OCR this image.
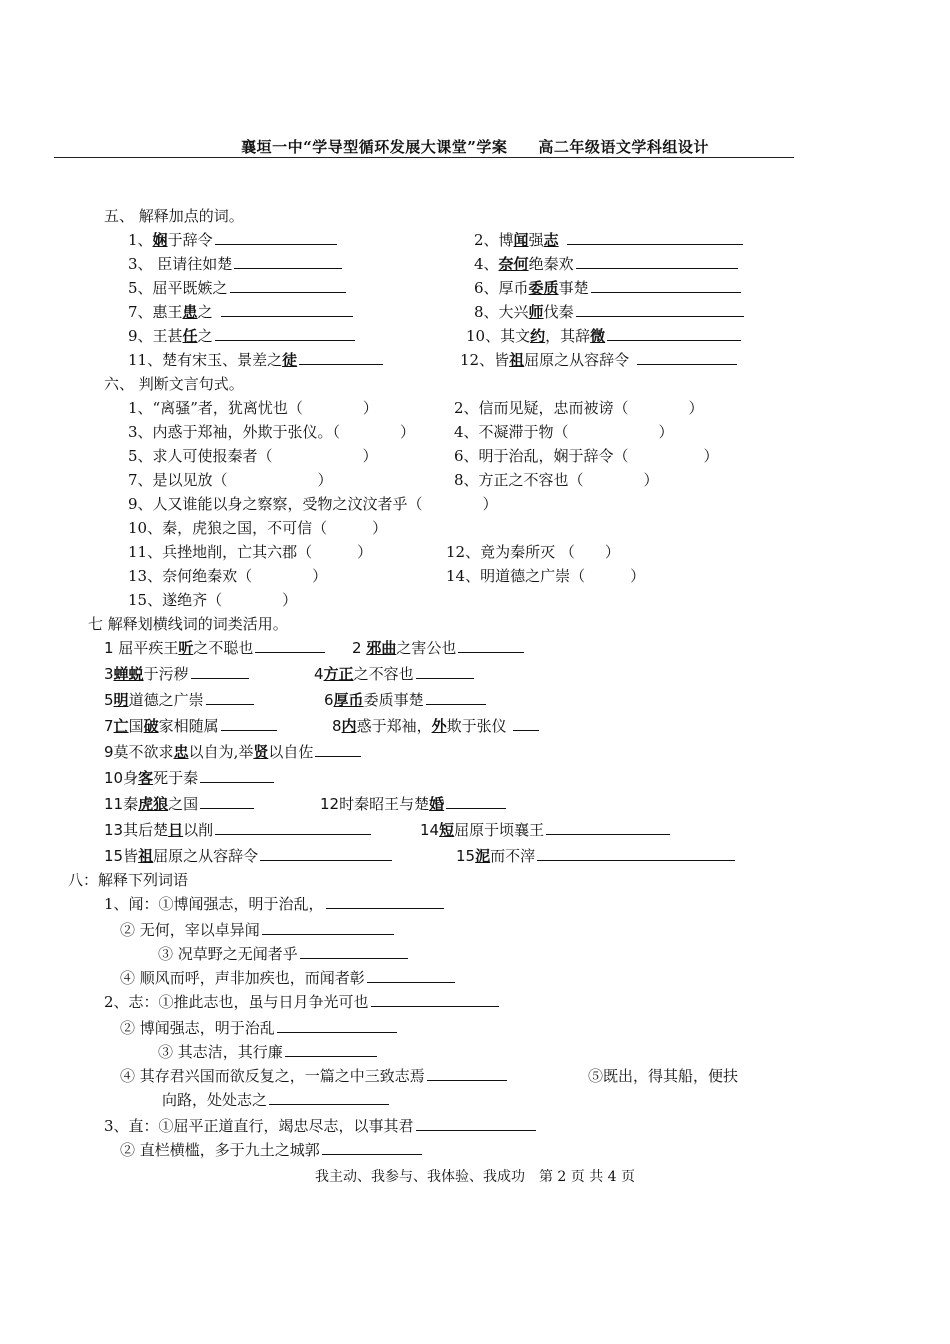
襄垣一中“学导型循环发展大课堂”学案　　高二年级语文学科组设计
五、 解释加点的词。
1、娴于辞令	2、博闻强志
3、 臣请往如楚	4、奈何绝秦欢
5、屈平既嫉之	6、厚币委质事楚
7、惠王患之	8、大兴师伐秦
9、王甚任之	10、其文约，其辞微
11、楚有宋玉、景差之徒	12、皆祖屈原之从容辞令
六、 判断文言句式。
1、“离骚”者，犹离忧也（　　　　）	2、信而见疑，忠而被谤（　　　　）
3、内惑于郑袖，外欺于张仪。（　　　　）	4、不凝滞于物（　　　　　　）
5、求人可使报秦者（　　　　　　）	6、明于治乱，娴于辞令（　　　　　）
7、是以见放（　　　　　　）	8、方正之不容也（　　　　）
9、人又谁能以身之察察，受物之汶汶者乎（　　　　）
10、秦，虎狼之国，不可信（　　　）
11、兵挫地削，亡其六郡（　　　）	12、竟为秦所灭 （　　）
13、奈何绝秦欢（　　　　）	14、明道德之广崇（　　　）
15、遂绝齐（　　　　）
七 解释划横线词的词类活用。
1 屈平疾王听之不聪也	2 邪曲之害公也
3蝉蜕于污秽	4方正之不容也
5明道德之广崇	6厚币委质事楚
7亡国破家相随属	8内惑于郑袖，外欺于张仪
9莫不欲求忠以自为,举贤以自佐
10身客死于秦
11秦虎狼之国	12时秦昭王与楚婚
13其后楚日以削	14短屈原于顷襄王
15皆祖屈原之从容辞令	15泥而不滓
八：解释下列词语
1、闻：①博闻强志，明于治乱，
② 无何，宰以卓异闻
③ 况草野之无闻者乎
④ 顺风而呼，声非加疾也，而闻者彰
2、志：①推此志也，虽与日月争光可也
② 博闻强志，明于治乱
③ 其志洁，其行廉
④ 其存君兴国而欲反复之，一篇之中三致志焉	⑤既出，得其船，便扶
向路，处处志之
3、直：①屈平正道直行，竭忠尽志，以事其君
② 直栏横槛，多于九土之城郭
我主动、我参与、我体验、我成功　 第 2 页 共 4 页
